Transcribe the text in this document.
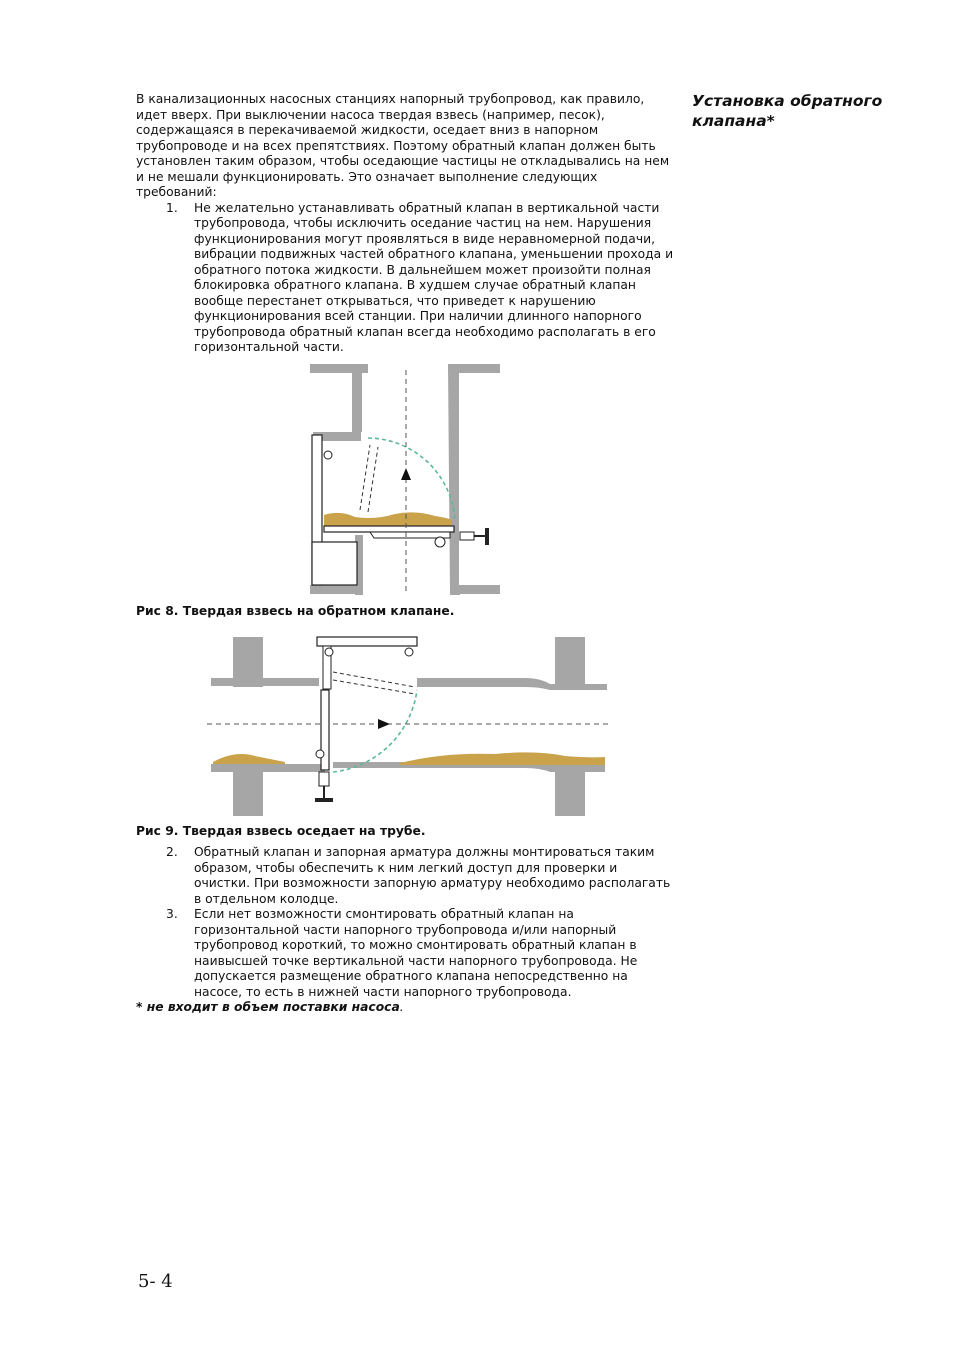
Установка обратного клапана*

В канализационных насосных станциях напорный трубопровод, как правило, идет вверх. При выключении насоса твердая взвесь (например, песок), содержащаяся в перекачиваемой жидкости, оседает вниз в напорном трубопроводе и на всех препятствиях. Поэтому обратный клапан должен быть установлен таким образом, чтобы оседающие частицы не откладывались на нем и не мешали функционировать. Это означает выполнение следующих требований:

1. Не желательно устанавливать обратный клапан в вертикальной части трубопровода, чтобы исключить оседание частиц на нем. Нарушения функционирования могут проявляться в виде неравномерной подачи, вибрации подвижных частей обратного клапана, уменьшении прохода и обратного потока жидкости. В дальнейшем может произойти полная блокировка обратного клапана. В худшем случае обратный клапан вообще перестанет открываться, что приведет к нарушению функционирования всей станции. При наличии длинного напорного трубопровода обратный клапан всегда необходимо располагать в его горизонтальной части.
Рис 8. Твердая взвесь на обратном клапане.
Рис 9. Твердая взвесь оседает на трубе.
2. Обратный клапан и запорная арматура должны монтироваться таким образом, чтобы обеспечить к ним легкий доступ для проверки и очистки. При возможности запорную арматуру необходимо располагать в отдельном колодце.
3. Если нет возможности смонтировать обратный клапан на горизонтальной части напорного трубопровода и/или напорный трубопровод короткий, то можно смонтировать обратный клапан в наивысшей точке вертикальной части напорного трубопровода. Не допускается размещение обратного клапана непосредственно на насосе, то есть в нижней части напорного трубопровода.

* не входит в объем поставки насоса.

5- 4
